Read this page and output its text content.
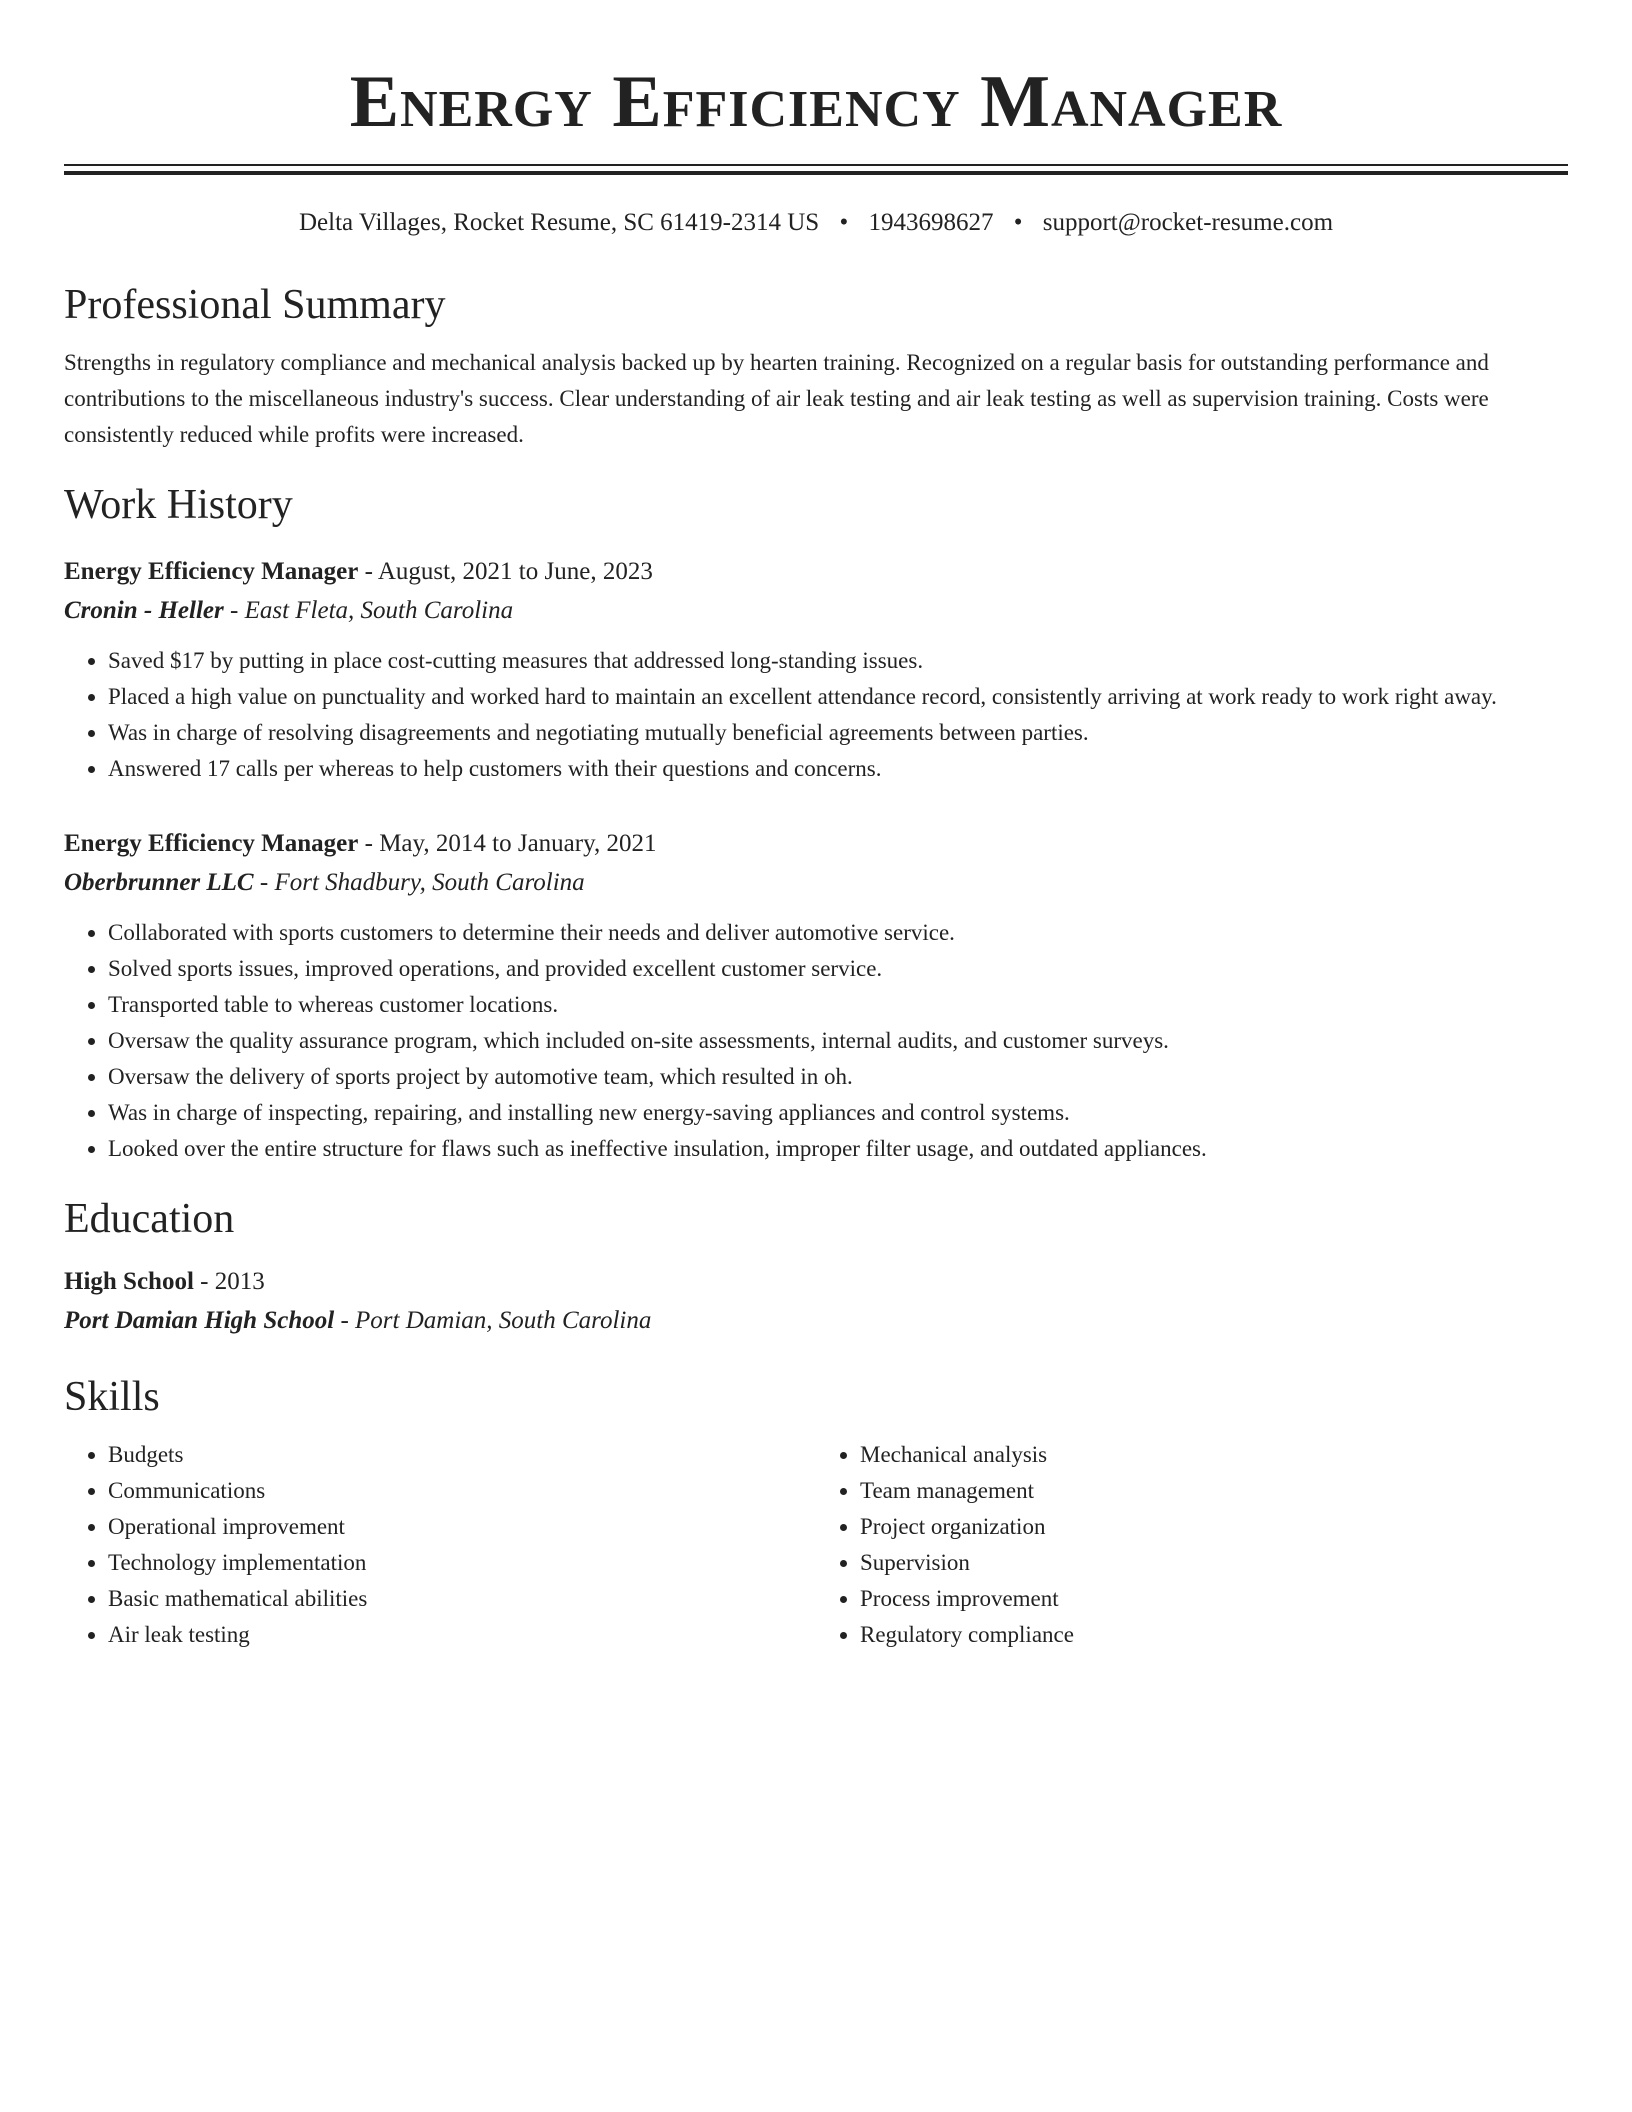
Energy Efficiency Manager
Delta Villages, Rocket Resume, SC 61419-2314 US • 1943698627 • support@rocket-resume.com
Professional Summary

Strengths in regulatory compliance and mechanical analysis backed up by hearten training. Recognized on a regular basis for outstanding performance and contributions to the miscellaneous industry's success. Clear understanding of air leak testing and air leak testing as well as supervision training. Costs were consistently reduced while profits were increased.

Work History
Energy Efficiency Manager - August, 2021 to June, 2023
Cronin - Heller - East Fleta, South Carolina
• Saved $17 by putting in place cost-cutting measures that addressed long-standing issues.
• Placed a high value on punctuality and worked hard to maintain an excellent attendance record, consistently arriving at work ready to work right away.
• Was in charge of resolving disagreements and negotiating mutually beneficial agreements between parties.
• Answered 17 calls per whereas to help customers with their questions and concerns.
Energy Efficiency Manager - May, 2014 to January, 2021
Oberbrunner LLC - Fort Shadbury, South Carolina
• Collaborated with sports customers to determine their needs and deliver automotive service.
• Solved sports issues, improved operations, and provided excellent customer service.
• Transported table to whereas customer locations.
• Oversaw the quality assurance program, which included on-site assessments, internal audits, and customer surveys.
• Oversaw the delivery of sports project by automotive team, which resulted in oh.
• Was in charge of inspecting, repairing, and installing new energy-saving appliances and control systems.
• Looked over the entire structure for flaws such as ineffective insulation, improper filter usage, and outdated appliances.
Education
High School - 2013
Port Damian High School - Port Damian, South Carolina
Skills
• Budgets
• Communications
• Operational improvement
• Technology implementation
• Basic mathematical abilities
• Air leak testing
• Mechanical analysis
• Team management
• Project organization
• Supervision
• Process improvement
• Regulatory compliance
